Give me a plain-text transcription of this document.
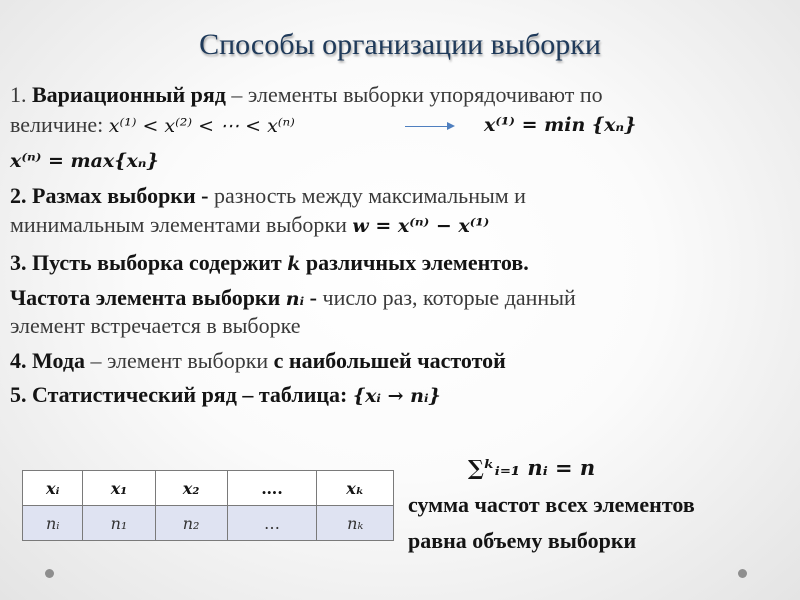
Способы организации выборки
1. Вариационный ряд – элементы выборки упорядочивают по
величине: x⁽¹⁾ < x⁽²⁾ < ⋯ < x⁽ⁿ⁾	x⁽¹⁾ = min {xₙ}
x⁽ⁿ⁾ = max{xₙ}
2. Размах выборки - разность между максимальным и
минимальным элементами выборки w = x⁽ⁿ⁾ − x⁽¹⁾
3. Пусть выборка содержит k различных элементов.
Частота элемента выборки nᵢ - число раз, которые данный
элемент встречается в выборке
4. Мода – элемент выборки с наибольшей частотой
5. Статистический ряд – таблица: {xᵢ → nᵢ}
∑ᵏᵢ₌₁ nᵢ = n
сумма частот всех элементов
равна объему выборки
xᵢ	x₁	x₂	….	xₖ
nᵢ	n₁	n₂	…	nₖ
